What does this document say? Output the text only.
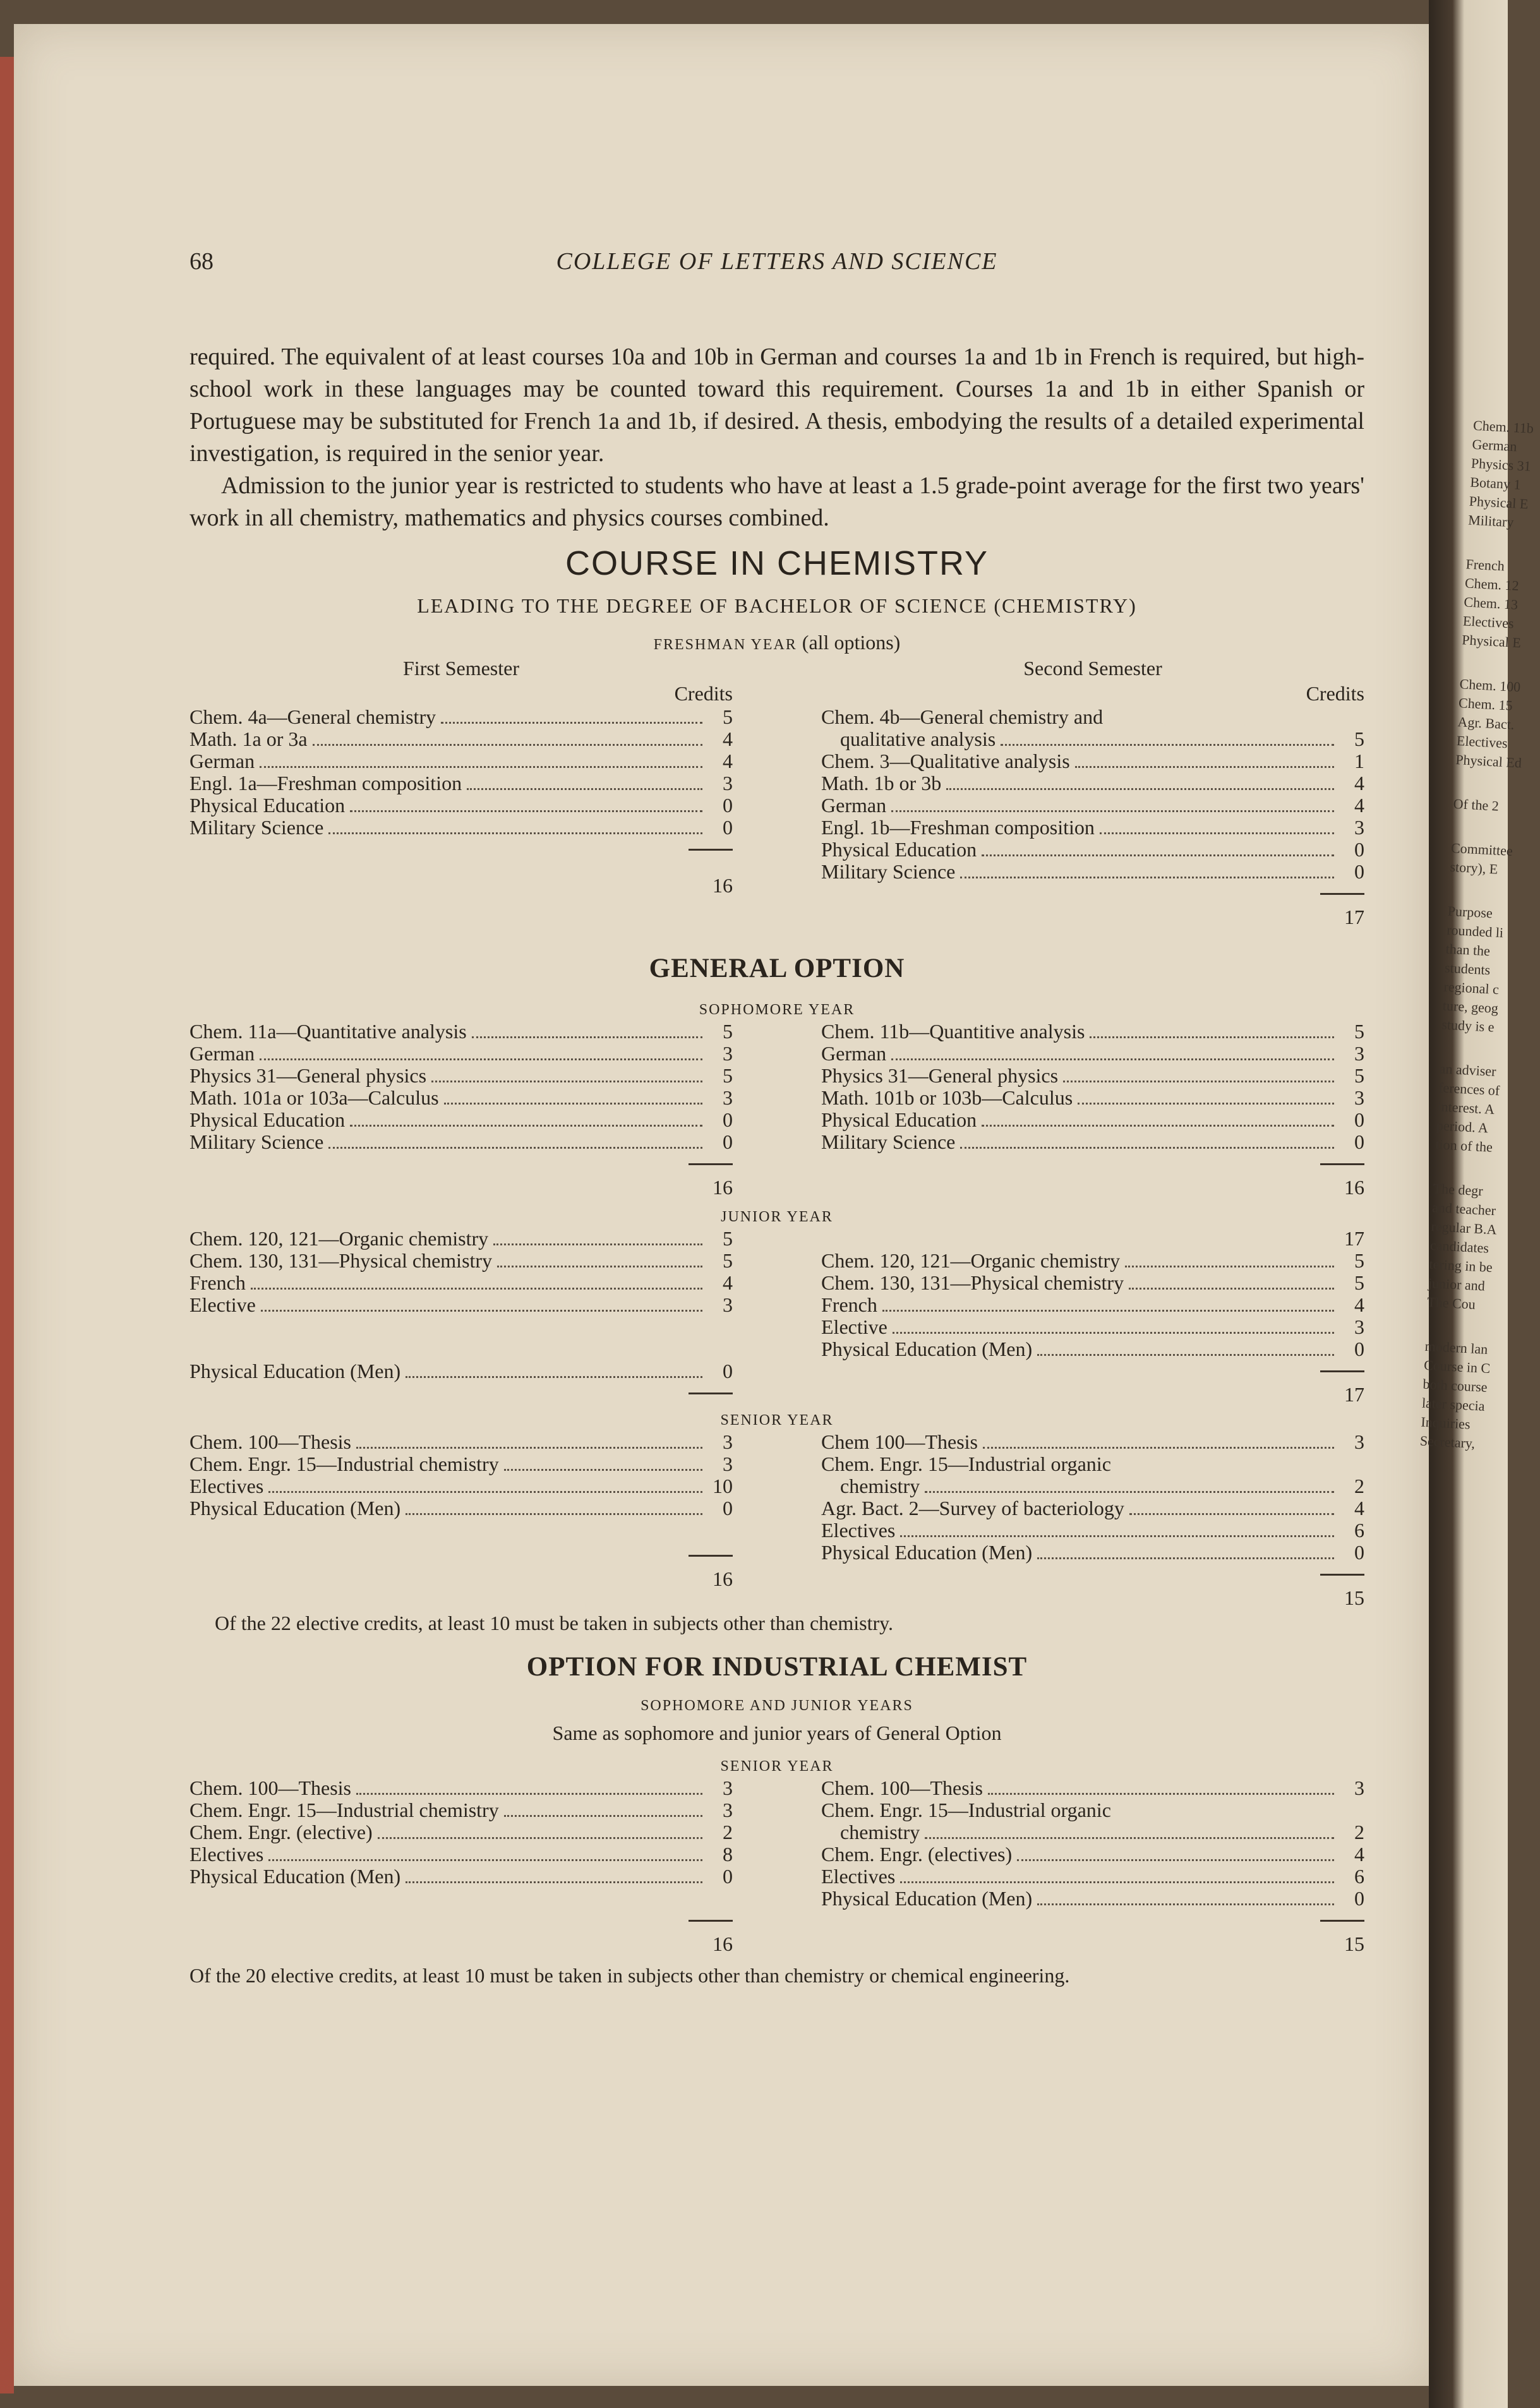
Chem. 11b
German
Physics 31
Botany 1
Physical E
Military
French
Chem. 12
Chem. 13
Electives
Physical E
Chem. 100
Chem. 15
Agr. Bact.
Electives
Physical Ed
Of the 2
Committee
story), E
Purpose
rounded li
than the
students
regional c
ture, geog
study is e
an adviser
ferences of
interest. A
period. A
tion of the
The degr
and teacher
regular B.A
candidates
tering in be
junior and
The Cou
modern lan
Course in C
both course
later specia
Inquiries
Secretary,
68	COLLEGE OF LETTERS AND SCIENCE

required. The equivalent of at least courses 10a and 10b in German and courses 1a and 1b in French is required, but high-school work in these languages may be counted toward this requirement. Courses 1a and 1b in either Spanish or Portuguese may be substituted for French 1a and 1b, if desired. A thesis, embodying the results of a detailed experimental investigation, is required in the senior year.

Admission to the junior year is restricted to students who have at least a 1.5 grade-point average for the first two years' work in all chemistry, mathematics and physics courses combined.

COURSE IN CHEMISTRY
LEADING TO THE DEGREE OF BACHELOR OF SCIENCE (CHEMISTRY)
FRESHMAN YEAR (all options)
First Semester
Credits
Chem. 4a—General chemistry	5
Math. 1a or 3a	4
German	4
Engl. 1a—Freshman composition	3
Physical Education	0
Military Science	0
16
Second Semester
Credits
Chem. 4b—General chemistry and
qualitative analysis	5
Chem. 3—Qualitative analysis	1
Math. 1b or 3b	4
German	4
Engl. 1b—Freshman composition	3
Physical Education	0
Military Science	0
17
GENERAL OPTION
SOPHOMORE YEAR
Chem. 11a—Quantitative analysis	5
German	3
Physics 31—General physics	5
Math. 101a or 103a—Calculus	3
Physical Education	0
Military Science	0
16
Chem. 11b—Quantitive analysis	5
German	3
Physics 31—General physics	5
Math. 101b or 103b—Calculus	3
Physical Education	0
Military Science	0
16
JUNIOR YEAR
Chem. 120, 121—Organic chemistry	5
Chem. 130, 131—Physical chemistry	5
French	4
Elective	3
Physical Education (Men)	0
17
Chem. 120, 121—Organic chemistry	5
Chem. 130, 131—Physical chemistry	5
French	4
Elective	3
Physical Education (Men)	0
17
SENIOR YEAR
Chem. 100—Thesis	3
Chem. Engr. 15—Industrial chemistry	3
Electives	10
Physical Education (Men)	0
16
Chem 100—Thesis	3
Chem. Engr. 15—Industrial organic
chemistry	2
Agr. Bact. 2—Survey of bacteriology	4
Electives	6
Physical Education (Men)	0
15
Of the 22 elective credits, at least 10 must be taken in subjects other than chemistry.
OPTION FOR INDUSTRIAL CHEMIST
SOPHOMORE AND JUNIOR YEARS
Same as sophomore and junior years of General Option
SENIOR YEAR
Chem. 100—Thesis	3
Chem. Engr. 15—Industrial chemistry	3
Chem. Engr. (elective)	2
Electives	8
Physical Education (Men)	0
16
Chem. 100—Thesis	3
Chem. Engr. 15—Industrial organic
chemistry	2
Chem. Engr. (electives)	4
Electives	6
Physical Education (Men)	0
15
Of the 20 elective credits, at least 10 must be taken in subjects other than chemistry or chemical engineering.
